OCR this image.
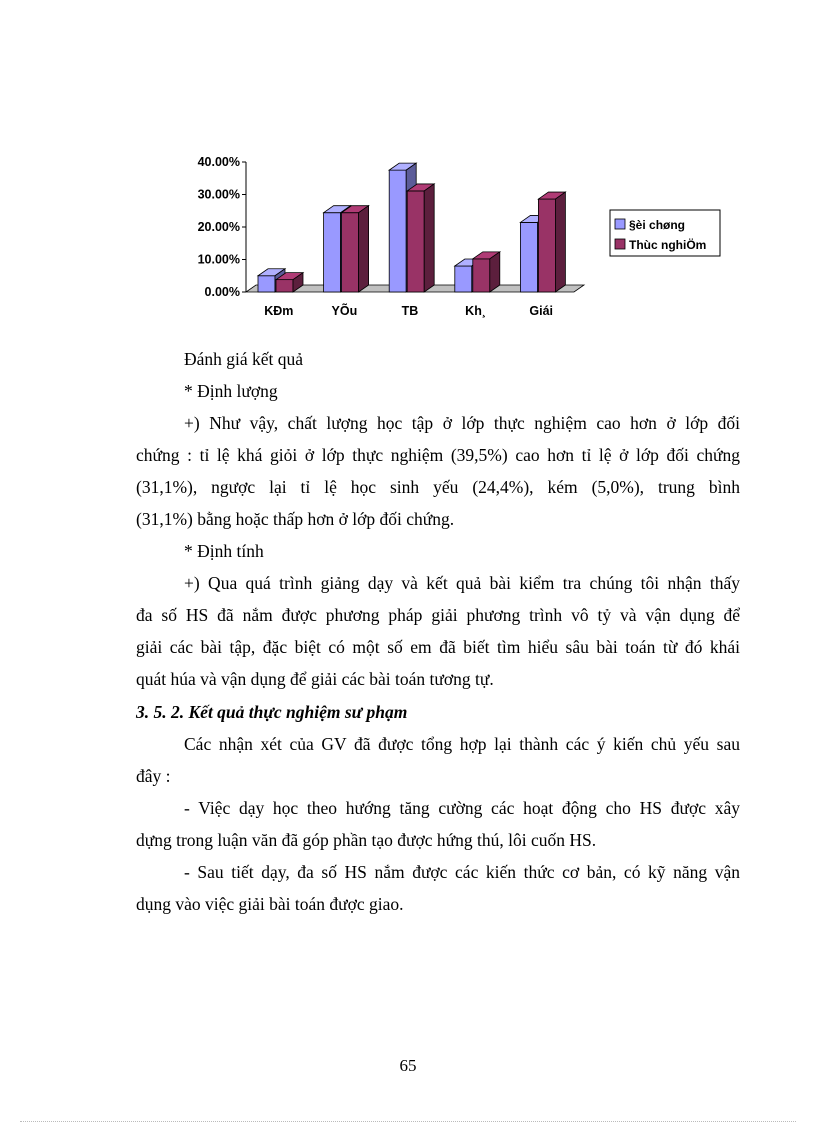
0.00%
10.00%
20.00%
30.00%
40.00%
KÐm	YÕu	TB	Kh¸	Giái
§èi chøng
Thùc nghiÖm
Đánh giá kết quả
* Định lượng
+) Như vậy, chất lượng học tập ở lớp thực nghiệm cao hơn ở lớp đối
chứng : tỉ lệ khá giỏi ở lớp thực nghiệm (39,5%) cao hơn tỉ lệ ở lớp đối chứng
(31,1%), ngược lại tỉ lệ học sinh yếu (24,4%), kém (5,0%), trung bình
(31,1%) bằng hoặc thấp hơn ở lớp đối chứng.
* Định tính
+) Qua quá trình giảng dạy và kết quả bài kiểm tra chúng tôi nhận thấy
đa số HS đã nắm được phương pháp giải phương trình vô tỷ và vận dụng để
giải các bài tập, đặc biệt có một số em đã biết tìm hiểu sâu bài toán từ đó khái
quát húa và vận dụng để giải các bài toán tương tự.
3. 5. 2. Kết quả thực nghiệm sư phạm
Các nhận xét của GV đã được tổng hợp lại thành các ý kiến chủ yếu sau
đây :
- Việc dạy học theo hướng tăng cường các hoạt động cho HS được xây
dựng trong luận văn đã góp phần tạo được hứng thú, lôi cuốn HS.
- Sau tiết dạy, đa số HS nắm được các kiến thức cơ bản, có kỹ năng vận
dụng vào việc giải bài toán được giao.
65
